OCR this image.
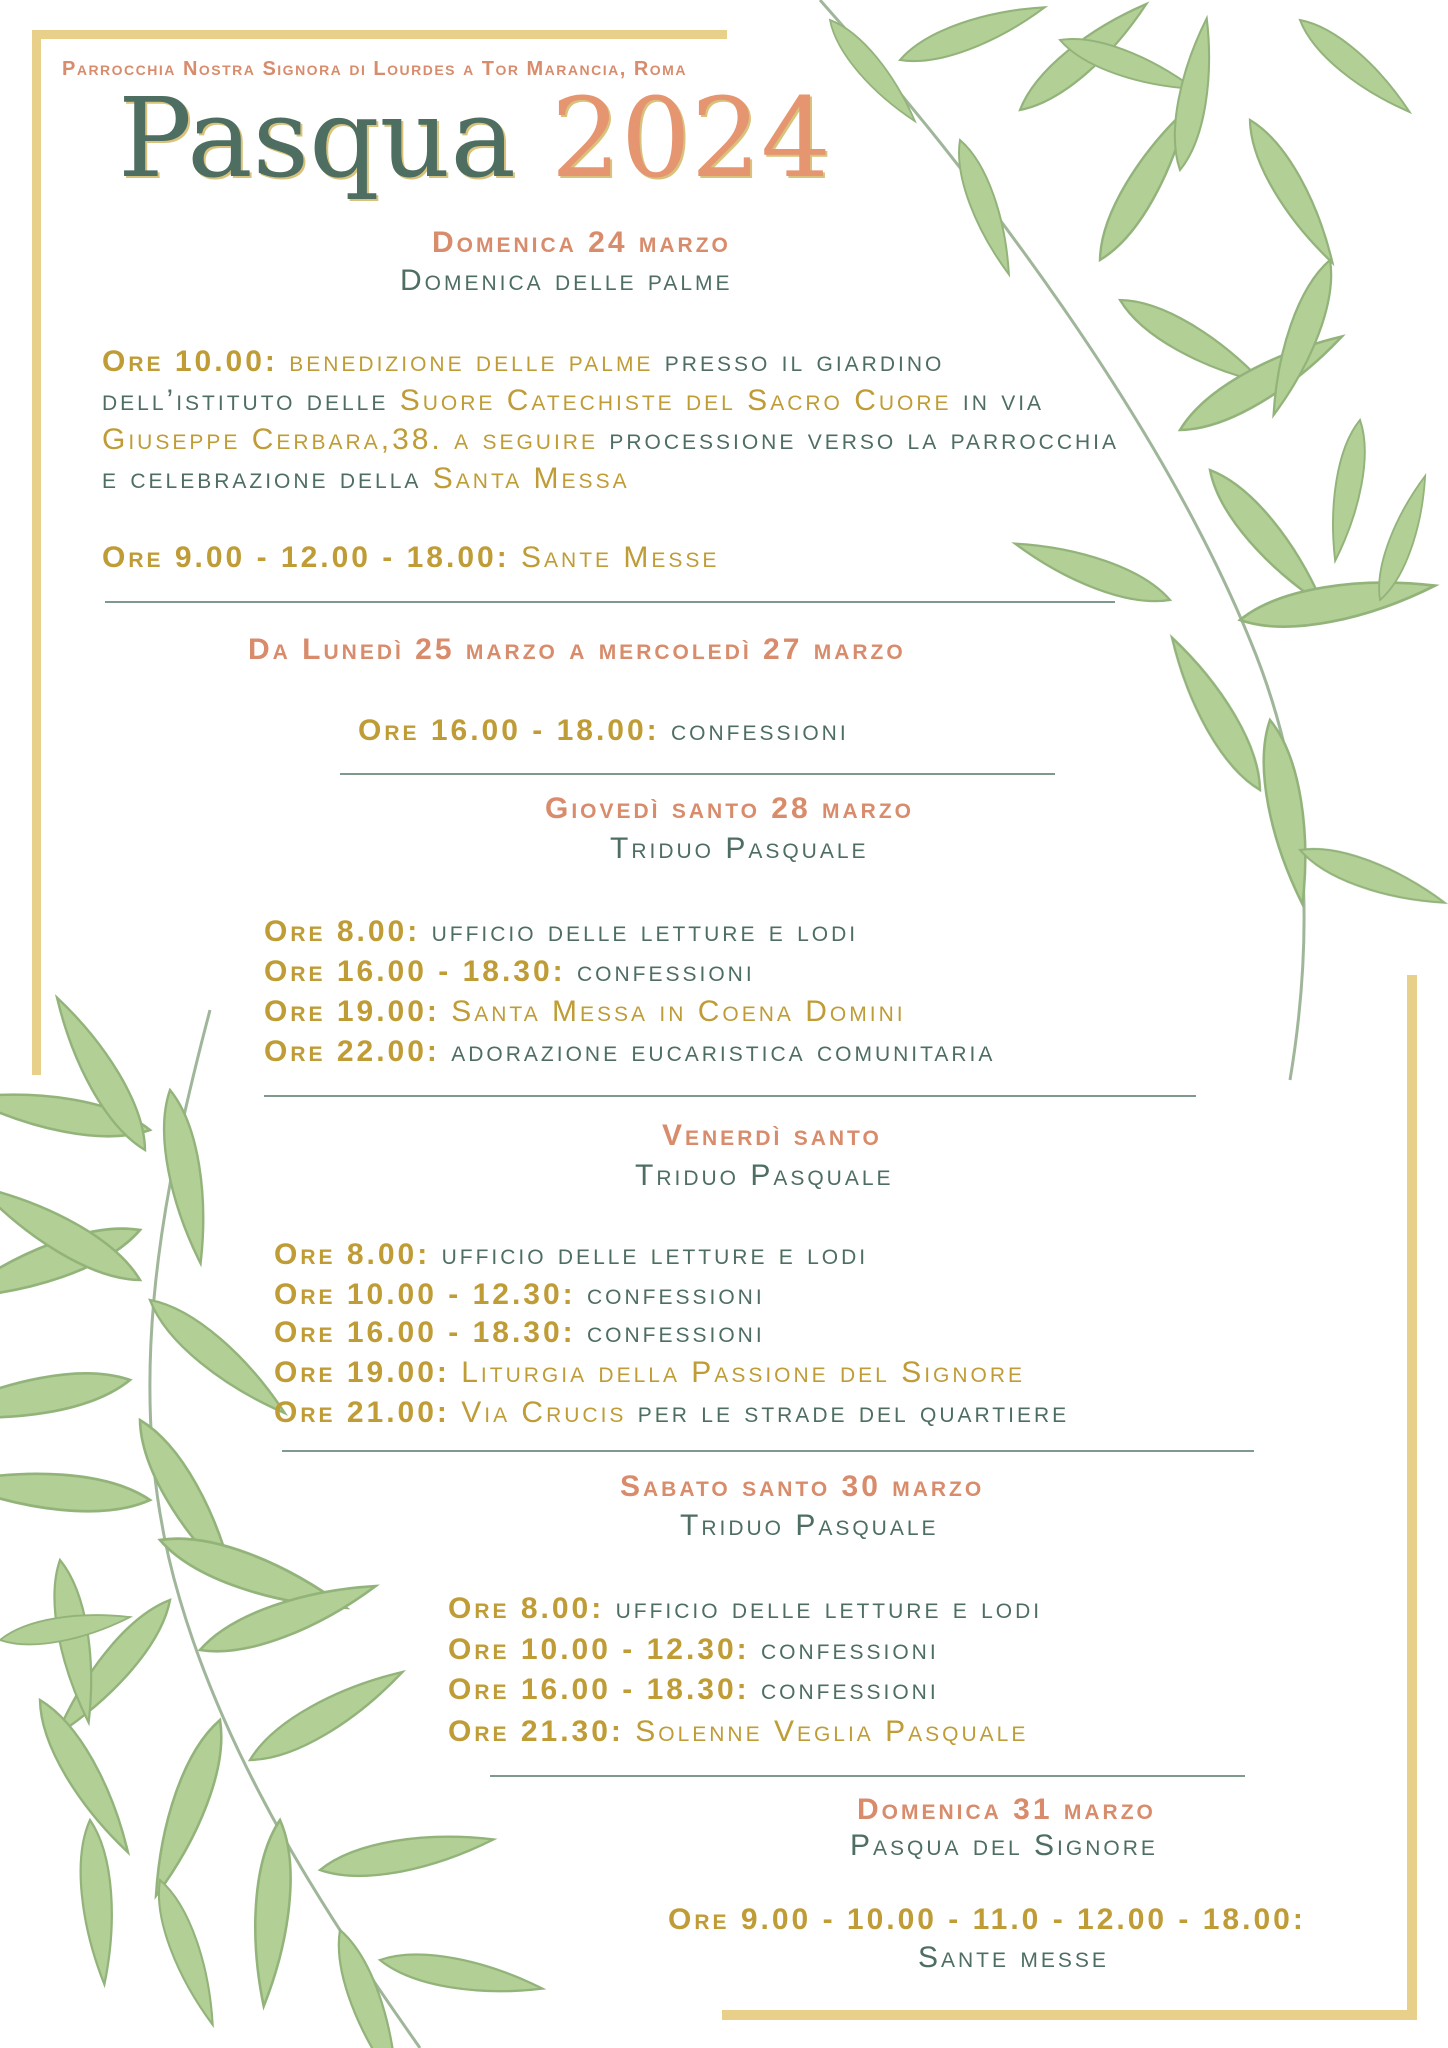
Parrocchia Nostra Signora di Lourdes a Tor Marancia, Roma
Pasqua 2024
Domenica 24 marzo
Domenica delle palme
Ore 10.00: benedizione delle palme presso il giardino dell’istituto delle Suore Catechiste del Sacro Cuore in via Giuseppe Cerbara,38. a seguire processione verso la parrocchia e celebrazione della Santa Messa
Ore 9.00 - 12.00 - 18.00: Sante Messe
Da Lunedì 25 marzo a mercoledì 27 marzo
Ore 16.00 - 18.00: confessioni
Giovedì santo 28 marzo
Triduo Pasquale
Ore 8.00: ufficio delle letture e lodi
Ore 16.00 - 18.30: confessioni
Ore 19.00: Santa Messa in Coena Domini
Ore 22.00: adorazione eucaristica comunitaria
Venerdì santo
Triduo Pasquale
Ore 8.00: ufficio delle letture e lodi
Ore 10.00 - 12.30: confessioni
Ore 16.00 - 18.30: confessioni
Ore 19.00: Liturgia della Passione del Signore
Ore 21.00: Via Crucis per le strade del quartiere
Sabato santo 30 marzo
Triduo Pasquale
Ore 8.00: ufficio delle letture e lodi
Ore 10.00 - 12.30: confessioni
Ore 16.00 - 18.30: confessioni
Ore 21.30: Solenne Veglia Pasquale
Domenica 31 marzo
Pasqua del Signore
Ore 9.00 - 10.00 - 11.0 - 12.00 - 18.00:
Sante messe
